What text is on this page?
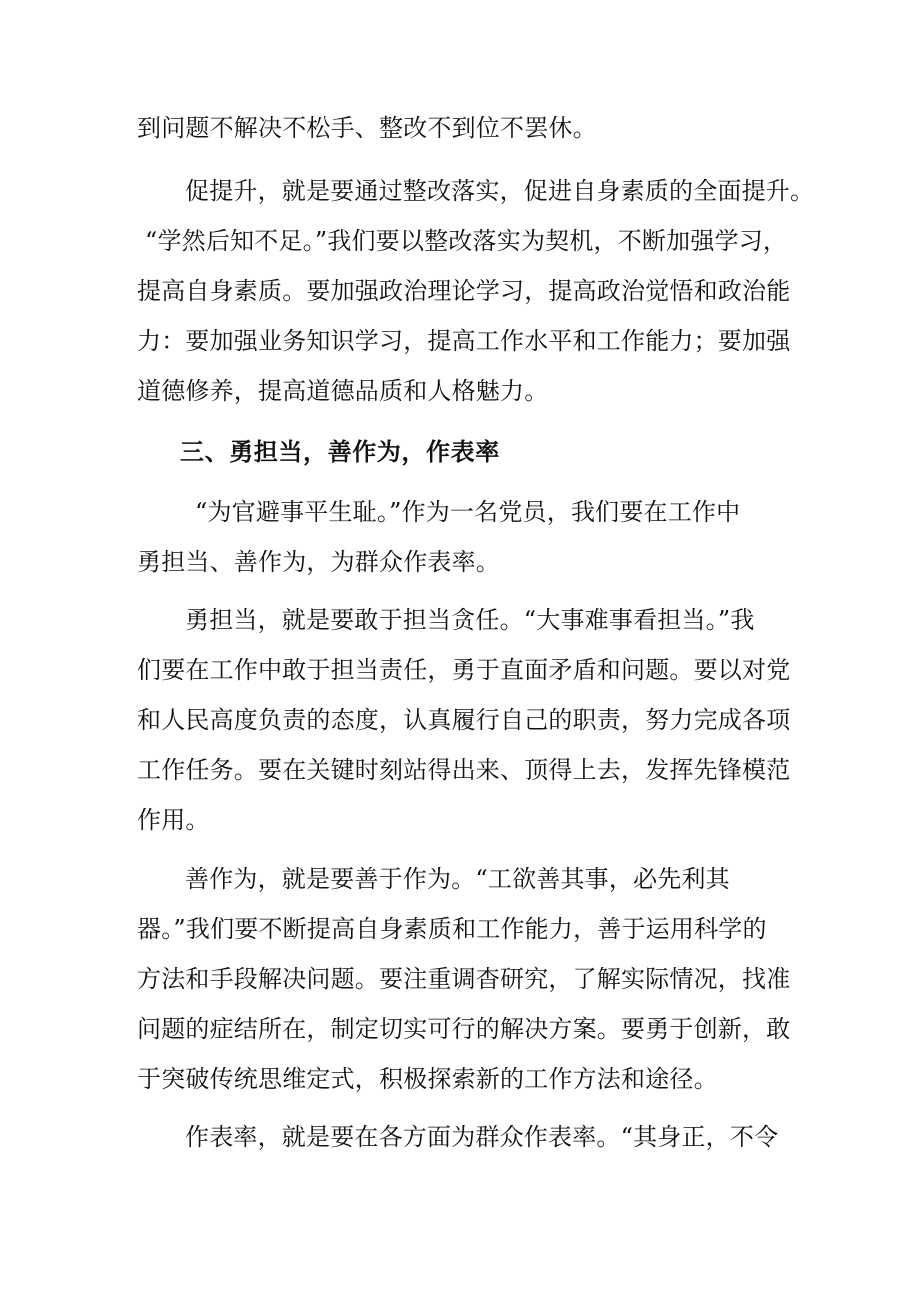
到问题不解决不松手、整改不到位不罢休。
促提升，就是要通过整改落实，促进自身素质的全面提升。
“学然后知不足。”我们要以整改落实为契机，不断加强学习，
提高自身素质。要加强政治理论学习，提高政治觉悟和政治能
力：要加强业务知识学习，提高工作水平和工作能力；要加强
道德修养，提高道德品质和人格魅力。
三、勇担当，善作为，作表率
“为官避事平生耻。”作为一名党员，我们要在工作中
勇担当、善作为，为群众作表率。
勇担当，就是要敢于担当贪任。“大事难事看担当。”我
们要在工作中敢于担当责任，勇于直面矛盾和问题。要以对党
和人民高度负责的态度，认真履行自己的职责，努力完成各项
工作任务。要在关键时刻站得出来、顶得上去，发挥先锋模范
作用。
善作为，就是要善于作为。“工欲善其事，必先利其
器。”我们要不断提高自身素质和工作能力，善于运用科学的
方法和手段解决问题。要注重调杳研究，了解实际情况，找准
问题的症结所在，制定切实可行的解决方案。要勇于创新，敢
于突破传统思维定式，积极探索新的工作方法和途径。
作表率，就是要在各方面为群众作表率。“其身正，不令
